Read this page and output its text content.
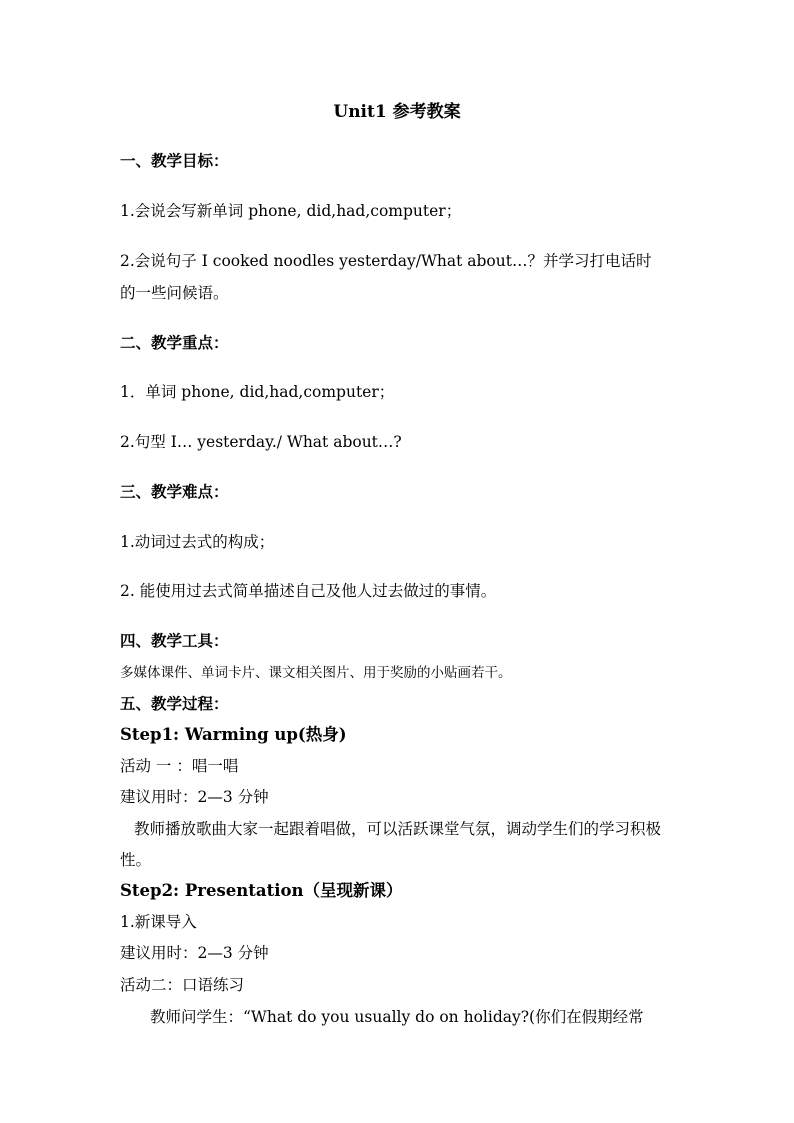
Unit1 参考教案
一、教学目标：
1.会说会写新单词 phone, did,had,computer；
2.会说句子 I cooked noodles yesterday/What about…？并学习打电话时
的一些问候语。
二、教学重点：
1．单词 phone, did,had,computer；
2.句型 I… yesterday./ What about…?
三、教学难点：
1.动词过去式的构成；
2. 能使用过去式简单描述自己及他人过去做过的事情。
四、教学工具：
多媒体课件、单词卡片、课文相关图片、用于奖励的小贴画若干。
五、教学过程：
Step1: Warming up(热身)
活动 一 ：唱一唱
建议用时：2—3 分钟
教师播放歌曲大家一起跟着唱做，可以活跃课堂气氛，调动学生们的学习积极
性。
Step2: Presentation（呈现新课）
1.新课导入
建议用时：2—3 分钟
活动二：口语练习
教师问学生：“What do you usually do on holiday?(你们在假期经常
